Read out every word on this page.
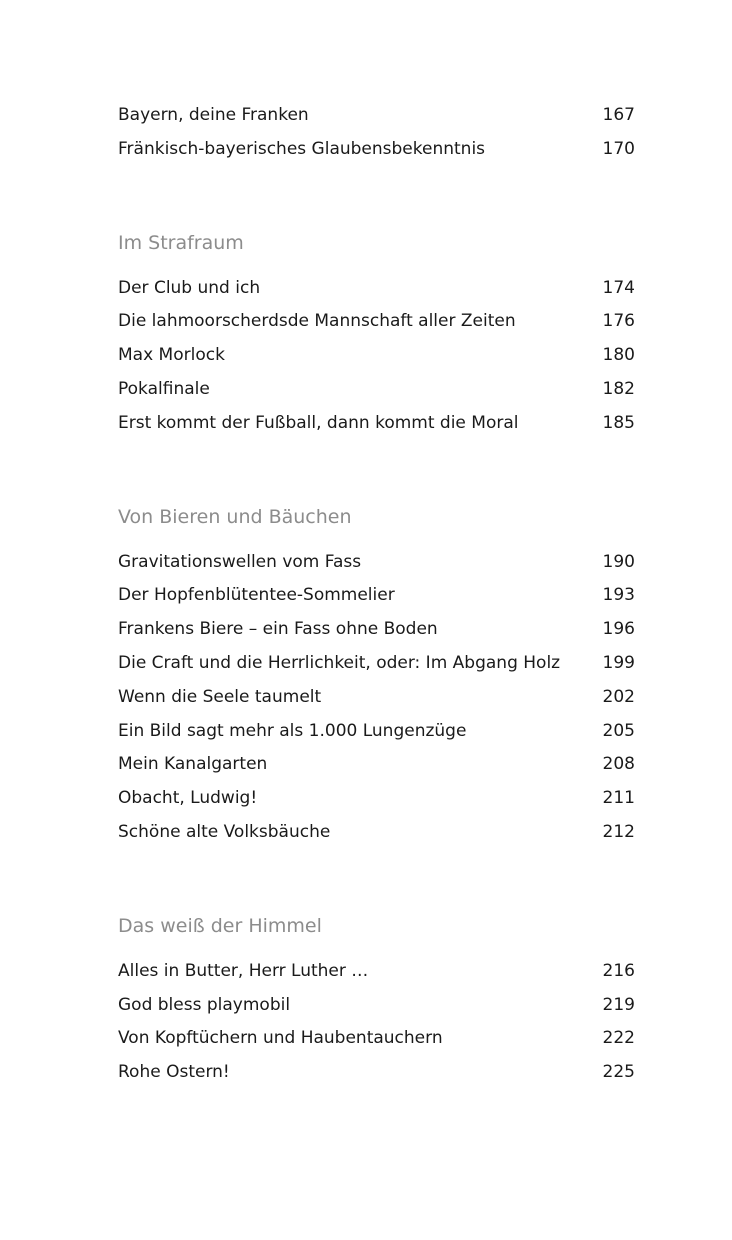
Bayern, deine Franken	167
Fränkisch-bayerisches Glaubensbekenntnis	170
Im Strafraum
Der Club und ich	174
Die lahmoorscherdsde Mannschaft aller Zeiten	176
Max Morlock	180
Pokalfinale	182
Erst kommt der Fußball, dann kommt die Moral	185
Von Bieren und Bäuchen
Gravitationswellen vom Fass	190
Der Hopfenblütentee-Sommelier	193
Frankens Biere – ein Fass ohne Boden	196
Die Craft und die Herrlichkeit, oder: Im Abgang Holz	199
Wenn die Seele taumelt	202
Ein Bild sagt mehr als 1.000 Lungenzüge	205
Mein Kanalgarten	208
Obacht, Ludwig!	211
Schöne alte Volksbäuche	212
Das weiß der Himmel
Alles in Butter, Herr Luther …	216
God bless playmobil	219
Von Kopftüchern und Haubentauchern	222
Rohe Ostern!	225
